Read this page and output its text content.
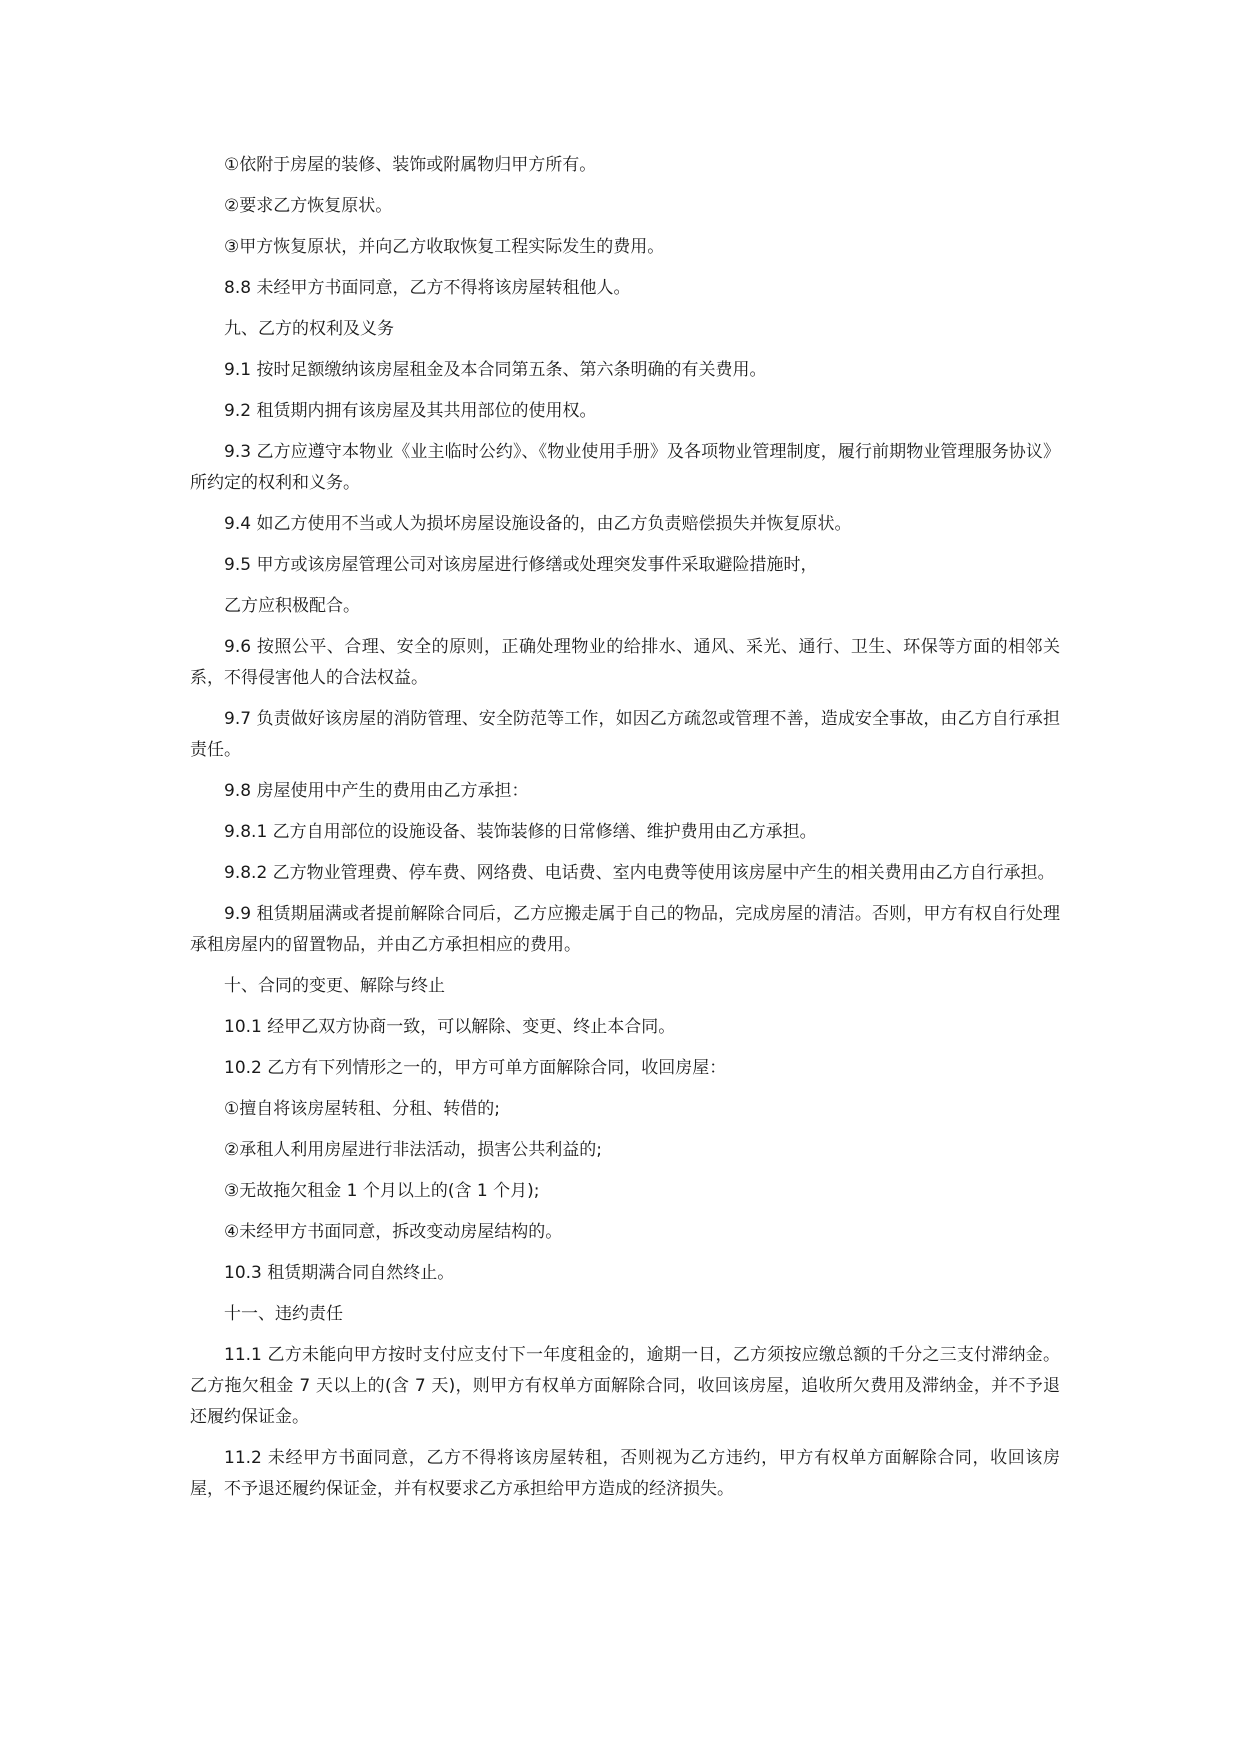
①依附于房屋的装修、装饰或附属物归甲方所有。

②要求乙方恢复原状。

③甲方恢复原状，并向乙方收取恢复工程实际发生的费用。

8.8 未经甲方书面同意，乙方不得将该房屋转租他人。

九、乙方的权利及义务

9.1 按时足额缴纳该房屋租金及本合同第五条、第六条明确的有关费用。

9.2 租赁期内拥有该房屋及其共用部位的使用权。

9.3 乙方应遵守本物业《业主临时公约》、《物业使用手册》及各项物业管理制度，履行前期物业管理服务协议》所约定的权利和义务。

9.4 如乙方使用不当或人为损坏房屋设施设备的，由乙方负责赔偿损失并恢复原状。

9.5 甲方或该房屋管理公司对该房屋进行修缮或处理突发事件采取避险措施时，

乙方应积极配合。

9.6 按照公平、合理、安全的原则，正确处理物业的给排水、通风、采光、通行、卫生、环保等方面的相邻关系，不得侵害他人的合法权益。

9.7 负责做好该房屋的消防管理、安全防范等工作，如因乙方疏忽或管理不善，造成安全事故，由乙方自行承担责任。

9.8 房屋使用中产生的费用由乙方承担：

9.8.1 乙方自用部位的设施设备、装饰装修的日常修缮、维护费用由乙方承担。

9.8.2 乙方物业管理费、停车费、网络费、电话费、室内电费等使用该房屋中产生的相关费用由乙方自行承担。

9.9 租赁期届满或者提前解除合同后，乙方应搬走属于自己的物品，完成房屋的清洁。否则，甲方有权自行处理承租房屋内的留置物品，并由乙方承担相应的费用。

十、合同的变更、解除与终止

10.1 经甲乙双方协商一致，可以解除、变更、终止本合同。

10.2 乙方有下列情形之一的，甲方可单方面解除合同，收回房屋：

①擅自将该房屋转租、分租、转借的;

②承租人利用房屋进行非法活动，损害公共利益的;

③无故拖欠租金 1 个月以上的(含 1 个月);

④未经甲方书面同意，拆改变动房屋结构的。

10.3 租赁期满合同自然终止。

十一、违约责任

11.1 乙方未能向甲方按时支付应支付下一年度租金的，逾期一日，乙方须按应缴总额的千分之三支付滞纳金。乙方拖欠租金 7 天以上的(含 7 天)，则甲方有权单方面解除合同，收回该房屋，追收所欠费用及滞纳金，并不予退还履约保证金。

11.2 未经甲方书面同意，乙方不得将该房屋转租，否则视为乙方违约，甲方有权单方面解除合同，收回该房屋，不予退还履约保证金，并有权要求乙方承担给甲方造成的经济损失。
